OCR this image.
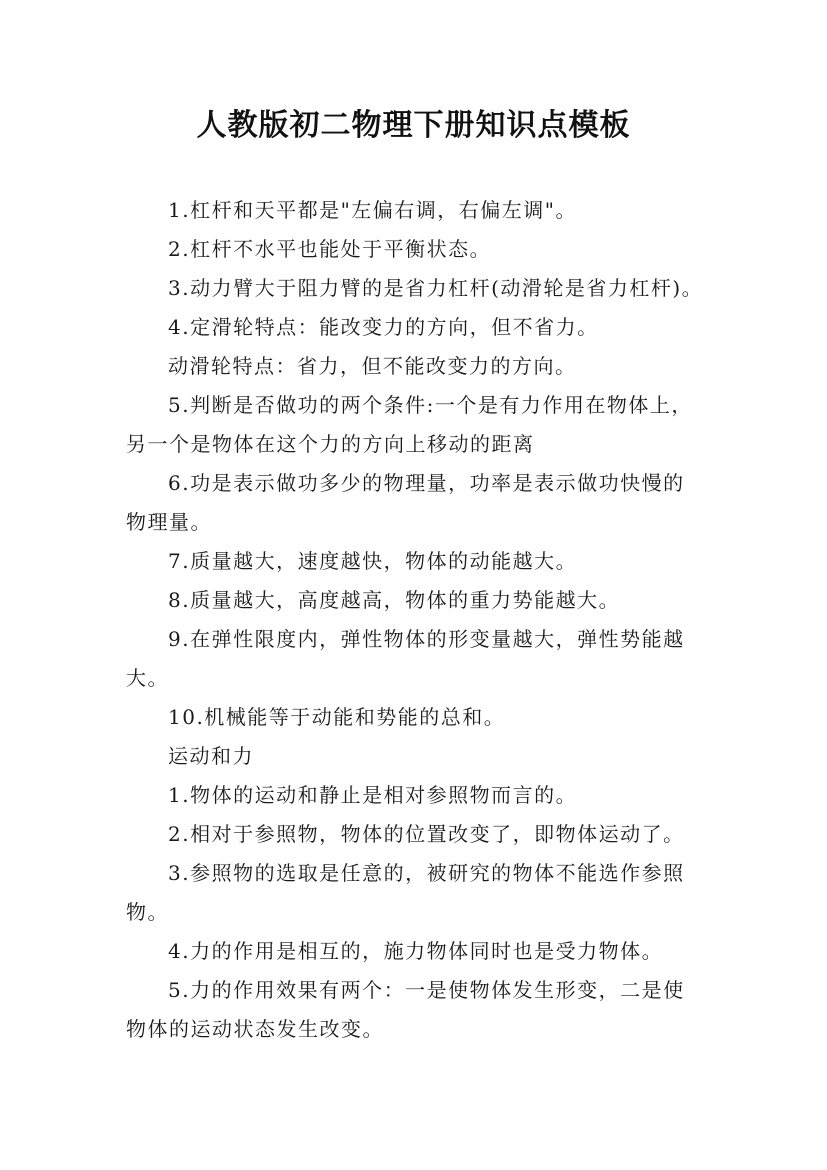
人教版初二物理下册知识点模板
1.杠杆和天平都是"左偏右调，右偏左调"。
2.杠杆不水平也能处于平衡状态。
3.动力臂大于阻力臂的是省力杠杆(动滑轮是省力杠杆)。
4.定滑轮特点：能改变力的方向，但不省力。
动滑轮特点：省力，但不能改变力的方向。
5.判断是否做功的两个条件:一个是有力作用在物体上，
另一个是物体在这个力的方向上移动的距离
6.功是表示做功多少的物理量，功率是表示做功快慢的
物理量。
7.质量越大，速度越快，物体的动能越大。
8.质量越大，高度越高，物体的重力势能越大。
9.在弹性限度内，弹性物体的形变量越大，弹性势能越
大。
10.机械能等于动能和势能的总和。
运动和力
1.物体的运动和静止是相对参照物而言的。
2.相对于参照物，物体的位置改变了，即物体运动了。
3.参照物的选取是任意的，被研究的物体不能选作参照
物。
4.力的作用是相互的，施力物体同时也是受力物体。
5.力的作用效果有两个：一是使物体发生形变，二是使
物体的运动状态发生改变。
